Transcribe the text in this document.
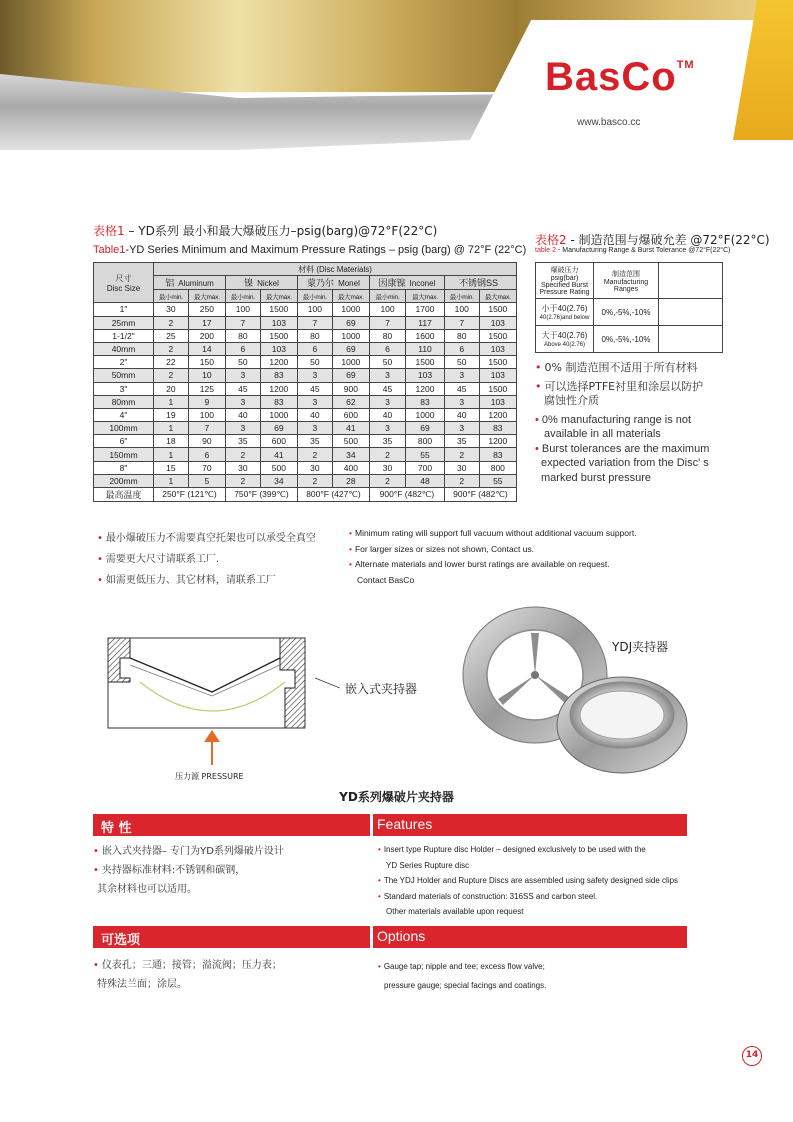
BasCo™
www.basco.cc
表格1 – YD系列 最小和最大爆破压力–psig(barg)@72°F(22°C)
Table1-YD Series Minimum and Maximum Pressure Ratings – psig (barg) @ 72°F (22°C)
尺寸
Disc Size	材料 (Disc Materials)									
	铝 Aluminum		镍 Nickel		蒙乃尔 Monel		因康镍 Inconel		不锈钢SS	
	最小min.	最大max.	最小min.	最大max.	最小min.	最大max.	最小min.	最大max.	最小min.	最大max.
1"	30	250	100	1500	100	1000	100	1700	100	1500
25mm	2	17	7	103	7	69	7	117	7	103
1-1/2"	25	200	80	1500	80	1000	80	1600	80	1500
40mm	2	14	6	103	6	69	6	110	6	103
2"	22	150	50	1200	50	1000	50	1500	50	1500
50mm	2	10	3	83	3	69	3	103	3	103
3"	20	125	45	1200	45	900	45	1200	45	1500
80mm	1	9	3	83	3	62	3	83	3	103
4"	19	100	40	1000	40	600	40	1000	40	1200
100mm	1	7	3	69	3	41	3	69	3	83
6"	18	90	35	600	35	500	35	800	35	1200
150mm	1	6	2	41	2	34	2	55	2	83
8"	15	70	30	500	30	400	30	700	30	800
200mm	1	5	2	34	2	28	2	48	2	55
最高温度	250°F (121℃)		750°F (399℃)		800°F (427℃)		900°F (482℃)		900°F (482℃)	
表格2 - 制造范围与爆破允差 @72°F(22°C)
table 2 - Manufacturing Range & Burst Tolerance @72°F(22°C)
爆破压力 psig(bar)
Specified Burst
Pressure Rating	制造范围
Manufacturing
Ranges	
小于40(2.76)
40(2.76)and below	0%,-5%,-10%	
大于40(2.76)
Above 40(2.76)	0%,-5%,-10%	
• 0% 制造范围不适用于所有材料
• 可以选择PTFE衬里和涂层以防护
腐蚀性介质
• 0% manufacturing range is not
available in all materials
• Burst tolerances are the maximum
expected variation from the Disc' s
marked burst pressure
• 最小爆破压力不需要真空托架也可以承受全真空
• 需要更大尺寸请联系工厂.
• 如需更低压力、其它材料，请联系工厂
• Minimum rating will support full vacuum without additional vacuum support.
• For larger sizes or sizes not shown, Contact us.
• Alternate materials and lower burst ratings are available on request.
Contact BasCo
嵌入式夹持器
压力源 PRESSURE
YDJ夹持器
YD系列爆破片夹持器
特 性	Features
• 嵌入式夹持器– 专门为YD系列爆破片设计
• 夹持器标准材料:不锈钢和碳钢，
其余材料也可以适用。
• Insert type Rupture disc Holder – designed exclusively to be used with the
YD Series Rupture disc
• The YDJ Holder and Rupture Discs are assembled using safety designed side clips
• Standard materials of construction: 316SS and carbon steel.
Other materials available upon request
可选项	Options
• 仪表孔；三通；接管；溢流阀；压力表；
特殊法兰面；涂层。
• Gauge tap; nipple and tee; excess flow valve;
pressure gauge; special facings and coatings.
14
